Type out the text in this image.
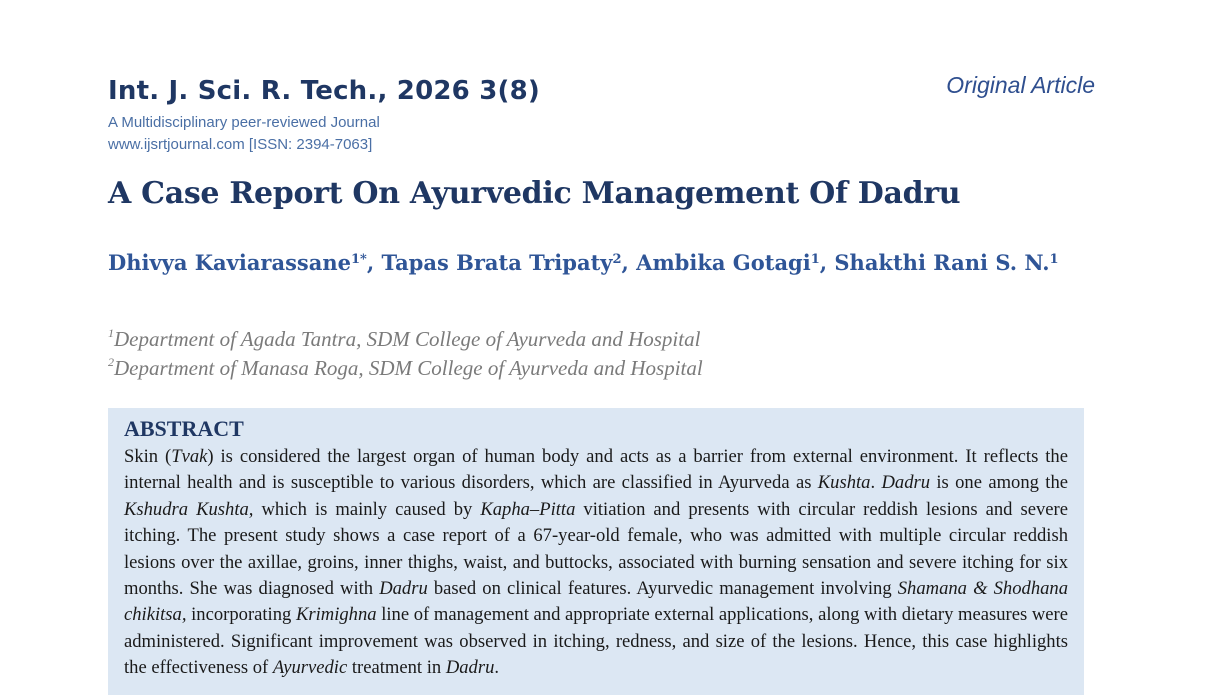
Int. J. Sci. R. Tech., 2026 3(8)	Original Article

A Multidisciplinary peer-reviewed Journal

www.ijsrtjournal.com [ISSN: 2394-7063]

A Case Report On Ayurvedic Management Of Dadru

Dhivya Kaviarassane$^{1*}$, Tapas Brata Tripaty$^2$, Ambika Gotagi$^1$, Shakthi Rani S. N.$^1$

$^1$Department of Agada Tantra, SDM College of Ayurveda and Hospital

$^2$Department of Manasa Roga, SDM College of Ayurveda and Hospital

ABSTRACT

Skin (Tvak) is considered the largest organ of human body and acts as a barrier from external environment. It reflects the internal health and is susceptible to various disorders, which are classified in Ayurveda as Kushta. Dadru is one among the Kshudra Kushta, which is mainly caused by Kapha–Pitta vitiation and presents with circular reddish lesions and severe itching. The present study shows a case report of a 67-year-old female, who was admitted with multiple circular reddish lesions over the axillae, groins, inner thighs, waist, and buttocks, associated with burning sensation and severe itching for six months. She was diagnosed with Dadru based on clinical features. Ayurvedic management involving Shamana & Shodhana chikitsa, incorporating Krimighna line of management and appropriate external applications, along with dietary measures were administered. Significant improvement was observed in itching, redness, and size of the lesions. Hence, this case highlights the effectiveness of Ayurvedic treatment in Dadru.
